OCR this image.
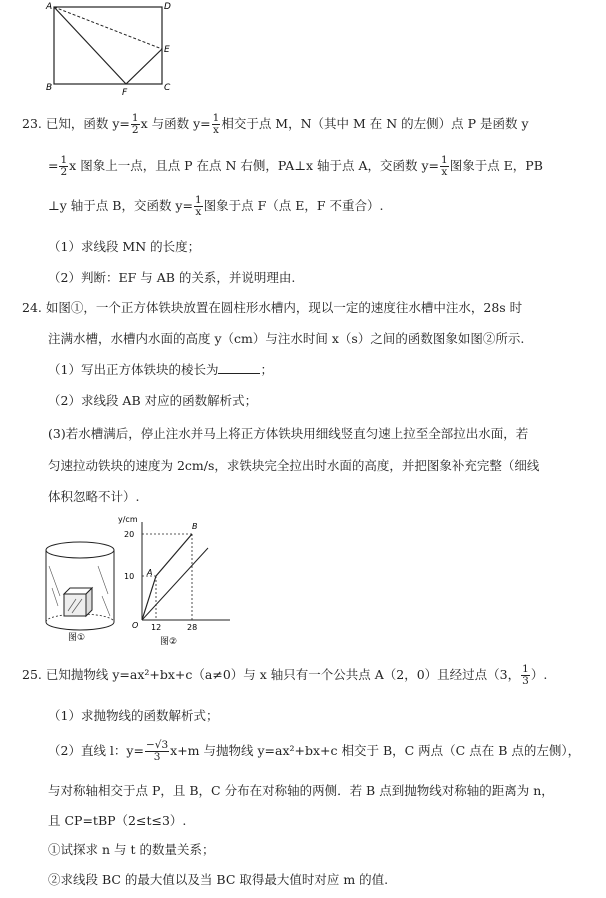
A	D
B	C
E
F
23. 已知，函数 $y= \frac{1}{2}$ x 与函数 $y= \frac{1}{x}$ 相交于点 M，N（其中 M 在 N 的左侧）点 P 是函数 y
= $\frac{1}{2}$ x 图象上一点，且点 P 在点 N 右侧，PA⊥x 轴于点 A，交函数 $y= \frac{1}{x}$ 图象于点 E，PB
⊥y 轴于点 B，交函数 $y= \frac{1}{x}$ 图象于点 F（点 E，F 不重合）.
（1）求线段 MN 的长度；
（2）判断：EF 与 AB 的关系，并说明理由.
24. 如图①，一个正方体铁块放置在圆柱形水槽内，现以一定的速度往水槽中注水，28s 时
注满水槽，水槽内水面的高度 y（cm）与注水时间 x（s）之间的函数图象如图②所示.
（1）写出正方体铁块的棱长为	；
（2）求线段 AB 对应的函数解析式；
(3)若水槽满后，停止注水并马上将正方体铁块用细线竖直匀速上拉至全部拉出水面，若
匀速拉动铁块的速度为 2cm/s，求铁块完全拉出时水面的高度，并把图象补充完整（细线
体积忽略不计）.
图①
y/cm
20
10
O 12	28
A
B
图②
25. 已知抛物线 y=ax²+bx+c（a≠0）与 x 轴只有一个公共点 A（2，0）且经过点（3， $\frac{1}{3}$ ）.
（1）求抛物线的函数解析式；
（2）直线 l：$y= \frac{-√3}{3} x+m$ 与抛物线 y=ax²+bx+c 相交于 B，C 两点（C 点在 B 点的左侧），
与对称轴相交于点 P，且 B，C 分布在对称轴的两侧．若 B 点到抛物线对称轴的距离为 n，
且 CP=tBP（2≤t≤3）.
①试探求 n 与 t 的数量关系；
②求线段 BC 的最大值以及当 BC 取得最大值时对应 m 的值.
